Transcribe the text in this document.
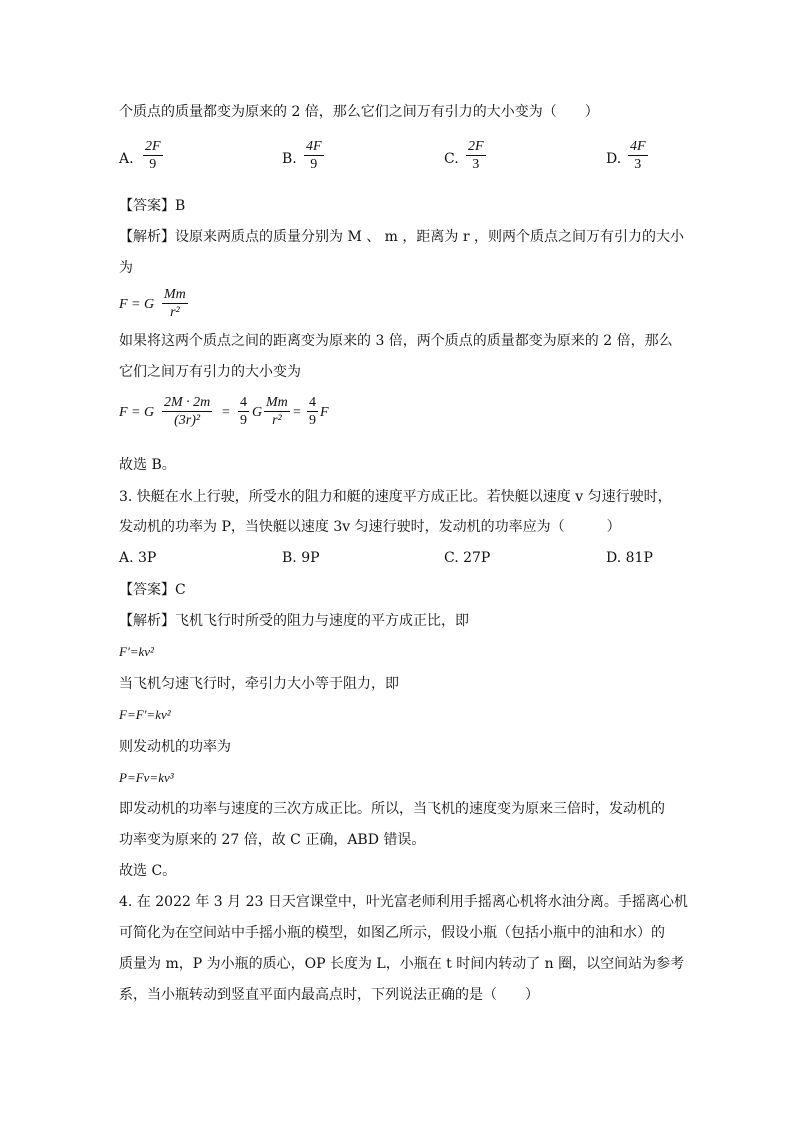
个质点的质量都变为原来的 2 倍，那么它们之间万有引力的大小变为（　　）
A.
2F
9	B.
4F
9	C.
2F
3	D.
4F
3
【答案】B
【解析】设原来两质点的质量分别为 M 、 m ，距离为 r ，则两个质点之间万有引力的大小
为
F = G
Mm
r²
如果将这两个质点之间的距离变为原来的 3 倍，两个质点的质量都变为原来的 2 倍，那么
它们之间万有引力的大小变为
F = G
2M · 2m
(3r)²
=
4
9
G
Mm
r²
=
4
9
F
故选 B。
3. 快艇在水上行驶，所受水的阻力和艇的速度平方成正比。若快艇以速度 v 匀速行驶时，
发动机的功率为 P，当快艇以速度 3v 匀速行驶时，发动机的功率应为（　　　）
A. 3P	B. 9P	C. 27P	D. 81P
【答案】C
【解析】飞机飞行时所受的阻力与速度的平方成正比，即
F'=kv²
当飞机匀速飞行时，牵引力大小等于阻力，即
F=F'=kv²
则发动机的功率为
P=Fv=kv³
即发动机的功率与速度的三次方成正比。所以，当飞机的速度变为原来三倍时，发动机的
功率变为原来的 27 倍，故 C 正确，ABD 错误。
故选 C。
4. 在 2022 年 3 月 23 日天宫课堂中，叶光富老师利用手摇离心机将水油分离。手摇离心机
可简化为在空间站中手摇小瓶的模型，如图乙所示，假设小瓶（包括小瓶中的油和水）的
质量为 m，P 为小瓶的质心，OP 长度为 L，小瓶在 t 时间内转动了 n 圈，以空间站为参考
系，当小瓶转动到竖直平面内最高点时，下列说法正确的是（　　）
